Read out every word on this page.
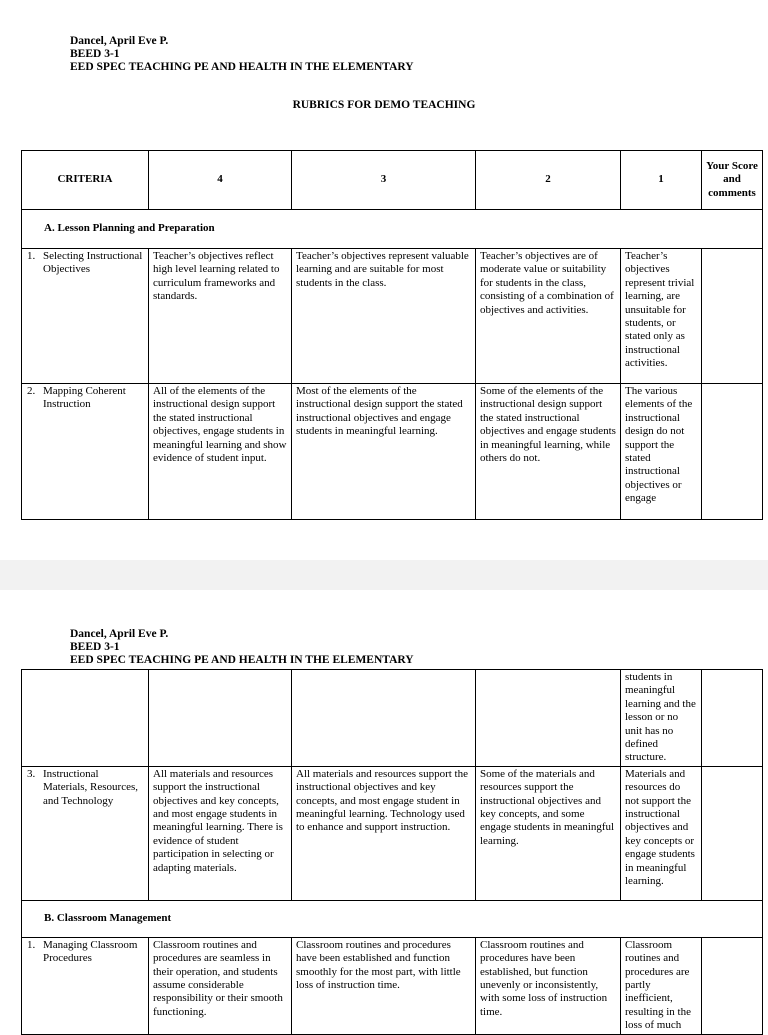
Dancel, April Eve P.
BEED 3-1
EED SPEC TEACHING PE AND HEALTH IN THE ELEMENTARY
RUBRICS FOR DEMO TEACHING
CRITERIA	4	3	2	1	Your Score and comments
A. Lesson Planning and Preparation					

1. Selecting Instructional Objectives	Teacher’s objectives reflect high level learning related to curriculum frameworks and standards.	Teacher’s objectives represent valuable learning and are suitable for most students in the class.	Teacher’s objectives are of moderate value or suitability for students in the class, consisting of a combination of objectives and activities.	Teacher’s objectives represent trivial learning, are unsuitable for students, or stated only as instructional activities.	

2. Mapping Coherent Instruction	All of the elements of the instructional design support the stated instructional objectives, engage students in meaningful learning and show evidence of student input.	Most of the elements of the instructional design support the stated instructional objectives and engage students in meaningful learning.	Some of the elements of the instructional design support the stated instructional objectives and engage students in meaningful learning, while others do not.	The various elements of the instructional design do not support the stated instructional objectives or engage	

Dancel, April Eve P.
BEED 3-1
EED SPEC TEACHING PE AND HEALTH IN THE ELEMENTARY
				students in meaningful learning and the lesson or no unit has no defined structure.	

3. Instructional Materials, Resources, and Technology	All materials and resources support the instructional objectives and key concepts, and most engage students in meaningful learning. There is evidence of student participation in selecting or adapting materials.	All materials and resources support the instructional objectives and key concepts, and most engage student in meaningful learning. Technology used to enhance and support instruction.	Some of the materials and resources support the instructional objectives and key concepts, and some engage students in meaningful learning.	Materials and resources do not support the instructional objectives and key concepts or engage students in meaningful learning.	
B. Classroom Management					

1. Managing Classroom Procedures	Classroom routines and procedures are seamless in their operation, and students assume considerable responsibility or their smooth functioning.	Classroom routines and procedures have been established and function smoothly for the most part, with little loss of instruction time.	Classroom routines and procedures have been established, but function unevenly or inconsistently, with some loss of instruction time.	Classroom routines and procedures are partly inefficient, resulting in the loss of much	
